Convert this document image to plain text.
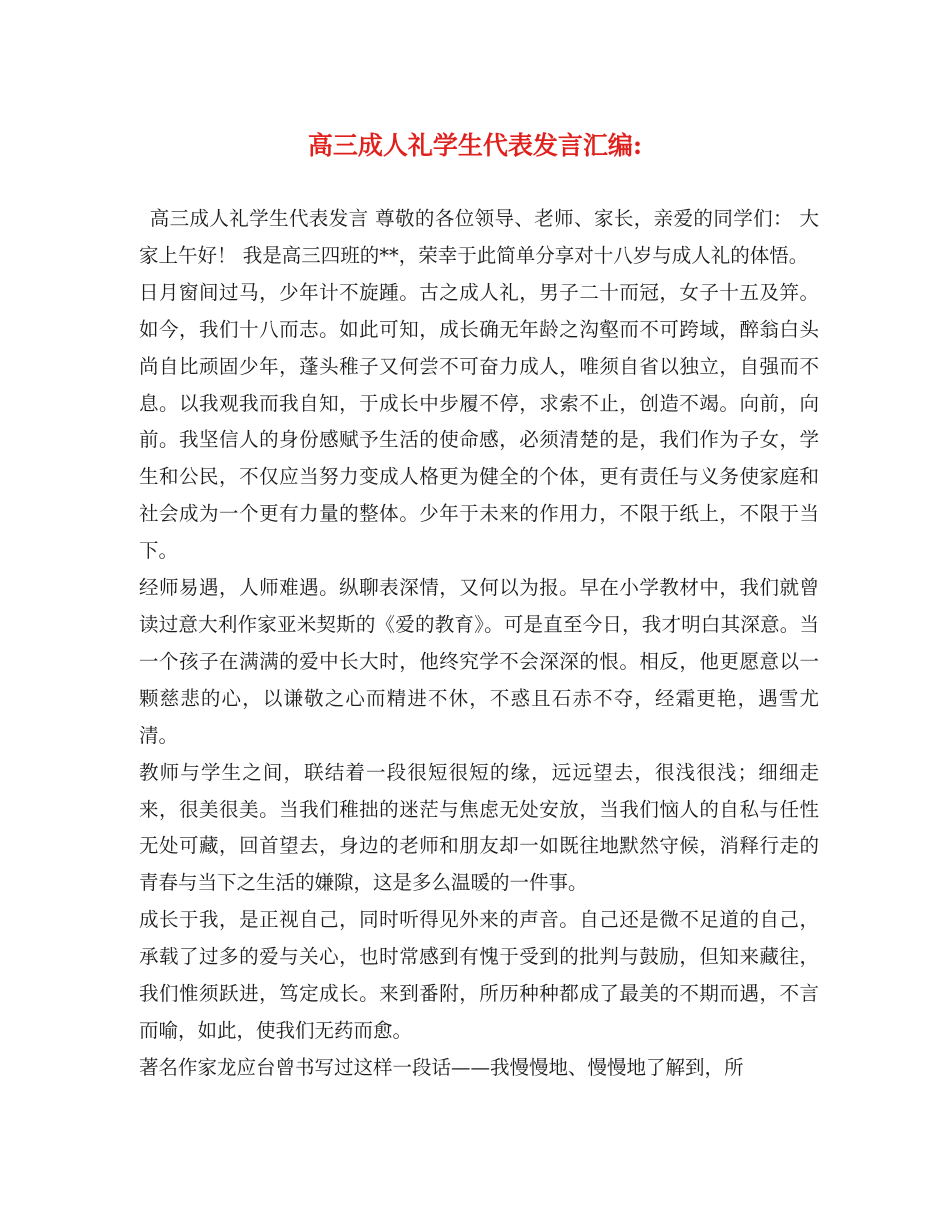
高三成人礼学生代表发言汇编:

高三成人礼学生代表发言 尊敬的各位领导、老师、家长，亲爱的同学们： 大家上午好！ 我是高三四班的**，荣幸于此简单分享对十八岁与成人礼的体悟。

日月窗间过马，少年计不旋踵。古之成人礼，男子二十而冠，女子十五及笄。如今，我们十八而志。如此可知，成长确无年龄之沟壑而不可跨域，醉翁白头尚自比顽固少年，蓬头稚子又何尝不可奋力成人，唯须自省以独立，自强而不息。以我观我而我自知，于成长中步履不停，求索不止，创造不竭。向前，向前。我坚信人的身份感赋予生活的使命感，必须清楚的是，我们作为子女，学生和公民，不仅应当努力变成人格更为健全的个体，更有责任与义务使家庭和社会成为一个更有力量的整体。少年于未来的作用力，不限于纸上，不限于当下。

经师易遇，人师难遇。纵聊表深情，又何以为报。早在小学教材中，我们就曾读过意大利作家亚米契斯的《爱的教育》。可是直至今日，我才明白其深意。当一个孩子在满满的爱中长大时，他终究学不会深深的恨。相反，他更愿意以一颗慈悲的心，以谦敬之心而精进不休，不惑且石赤不夺，经霜更艳，遇雪尤清。

教师与学生之间，联结着一段很短很短的缘，远远望去，很浅很浅；细细走来，很美很美。当我们稚拙的迷茫与焦虑无处安放，当我们恼人的自私与任性无处可藏，回首望去，身边的老师和朋友却一如既往地默然守候，消释行走的青春与当下之生活的嫌隙，这是多么温暖的一件事。

成长于我，是正视自己，同时听得见外来的声音。自己还是微不足道的自己，承载了过多的爱与关心，也时常感到有愧于受到的批判与鼓励，但知来藏往，我们惟须跃进，笃定成长。来到番附，所历种种都成了最美的不期而遇，不言而喻，如此，使我们无药而愈。

著名作家龙应台曾书写过这样一段话——我慢慢地、慢慢地了解到，所
